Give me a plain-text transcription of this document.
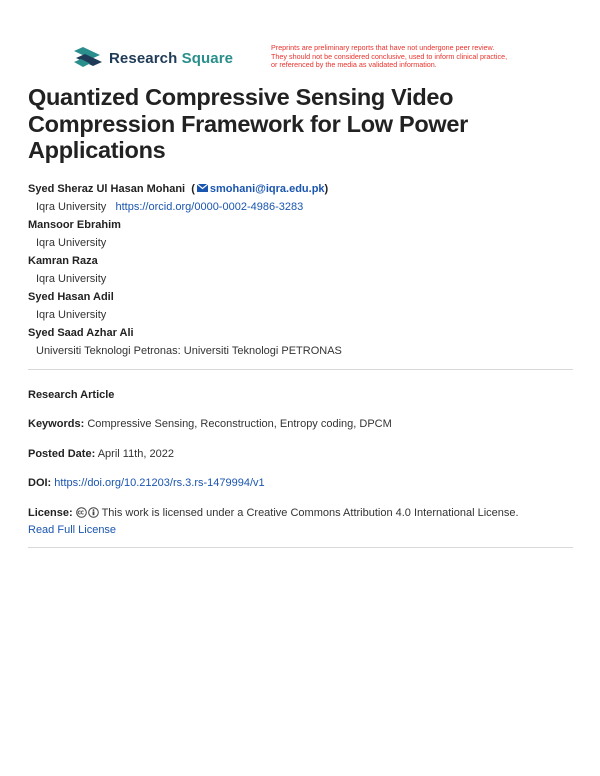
Research Square
Preprints are preliminary reports that have not undergone peer review.
They should not be considered conclusive, used to inform clinical practice,
or referenced by the media as validated information.
Quantized Compressive Sensing Video Compression Framework for Low Power Applications
Syed Sheraz Ul Hasan Mohani  ( smohani@iqra.edu.pk)
Iqra University https://orcid.org/0000-0002-4986-3283
Mansoor Ebrahim
Iqra University
Kamran Raza
Iqra University
Syed Hasan Adil
Iqra University
Syed Saad Azhar Ali
Universiti Teknologi Petronas: Universiti Teknologi PETRONAS
Research Article
Keywords: Compressive Sensing, Reconstruction, Entropy coding, DPCM
Posted Date: April 11th, 2022
DOI: https://doi.org/10.21203/rs.3.rs-1479994/v1
License:	This work is licensed under a Creative Commons Attribution 4.0 International License.
Read Full License
